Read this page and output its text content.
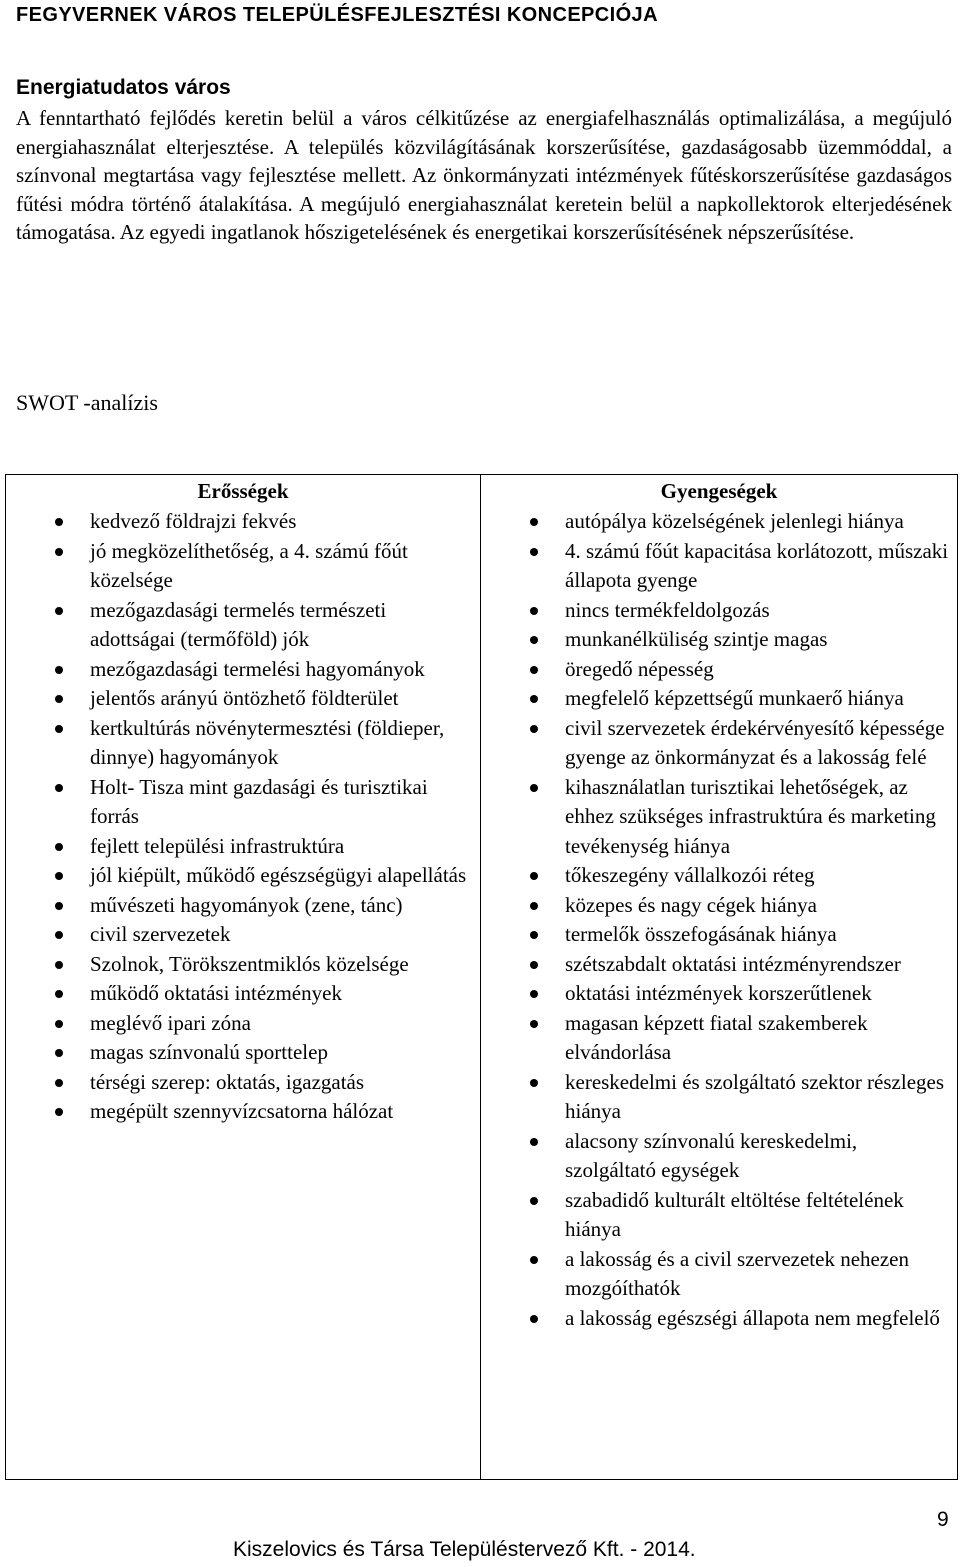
FEGYVERNEK VÁROS TELEPÜLÉSFEJLESZTÉSI KONCEPCIÓJA
Energiatudatos város

A fenntartható fejlődés keretin belül a város célkitűzése az energiafelhasználás optimalizálása, a megújuló energiahasználat elterjesztése. A település közvilágításának korszerűsítése, gazdaságosabb üzemmóddal, a színvonal megtartása vagy fejlesztése mellett. Az önkormányzati intézmények fűtéskorszerűsítése gazdaságos fűtési módra történő átalakítása. A megújuló energiahasználat keretein belül a napkollektorok elterjedésének támogatása. Az egyedi ingatlanok hőszigetelésének és energetikai korszerűsítésének népszerűsítése.

SWOT -analízis
Erősségek
kedvező földrajzi fekvés
jó megközelíthetőség, a 4. számú főút közelsége
mezőgazdasági termelés természeti adottságai (termőföld) jók
mezőgazdasági termelési hagyományok
jelentős arányú öntözhető földterület
kertkultúrás növénytermesztési (földieper, dinnye) hagyományok
Holt- Tisza mint gazdasági és turisztikai forrás
fejlett települési infrastruktúra
jól kiépült, működő egészségügyi alapellátás
művészeti hagyományok (zene, tánc)
civil szervezetek
Szolnok, Törökszentmiklós közelsége
működő oktatási intézmények
meglévő ipari zóna
magas színvonalú sporttelep
térségi szerep: oktatás, igazgatás
megépült szennyvízcsatorna hálózat

Gyengeségek
autópálya közelségének jelenlegi hiánya
4. számú főút kapacitása korlátozott, műszaki állapota gyenge
nincs termékfeldolgozás
munkanélküliség szintje magas
öregedő népesség
megfelelő képzettségű munkaerő hiánya
civil szervezetek érdekérvényesítő képessége gyenge az önkormányzat és a lakosság felé
kihasználatlan turisztikai lehetőségek, az ehhez szükséges infrastruktúra és marketing tevékenység hiánya
tőkeszegény vállalkozói réteg
közepes és nagy cégek hiánya
termelők összefogásának hiánya
szétszabdalt oktatási intézményrendszer
oktatási intézmények korszerűtlenek
magasan képzett fiatal szakemberek elvándorlása
kereskedelmi és szolgáltató szektor részleges hiánya
alacsony színvonalú kereskedelmi, szolgáltató egységek
szabadidő kulturált eltöltése feltételének hiánya
a lakosság és a civil szervezetek nehezen mozgóíthatók
a lakosság egészségi állapota nem megfelelő
9
Kiszelovics és Társa Településtervező Kft. - 2014.
